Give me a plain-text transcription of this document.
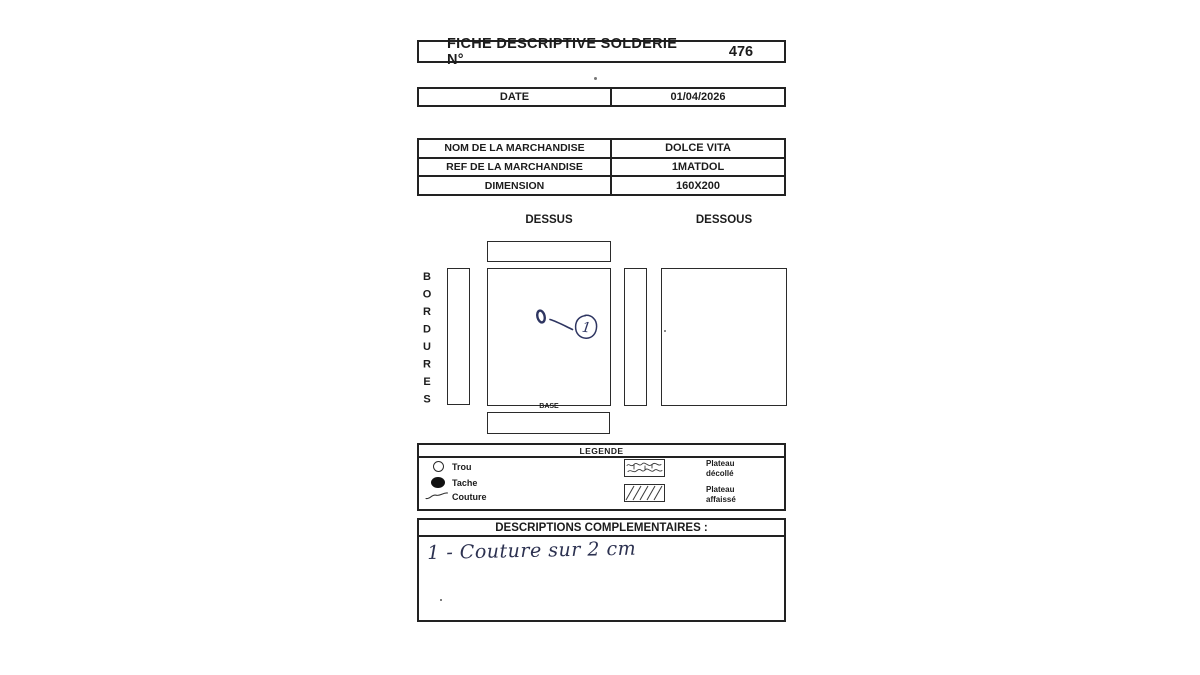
FICHE DESCRIPTIVE SOLDERIE N°	476
DATE	01/04/2026
NOM DE LA MARCHANDISE	DOLCE VITA
REF DE LA MARCHANDISE	1MATDOL
DIMENSION	160X200
DESSUS	DESSOUS
BORDURES	BASE
1
LEGENDE
Trou
Tache
Couture
Plateau
décollé
Plateau
affaissé
DESCRIPTIONS COMPLEMENTAIRES :
1 - Couture sur 2 cm
